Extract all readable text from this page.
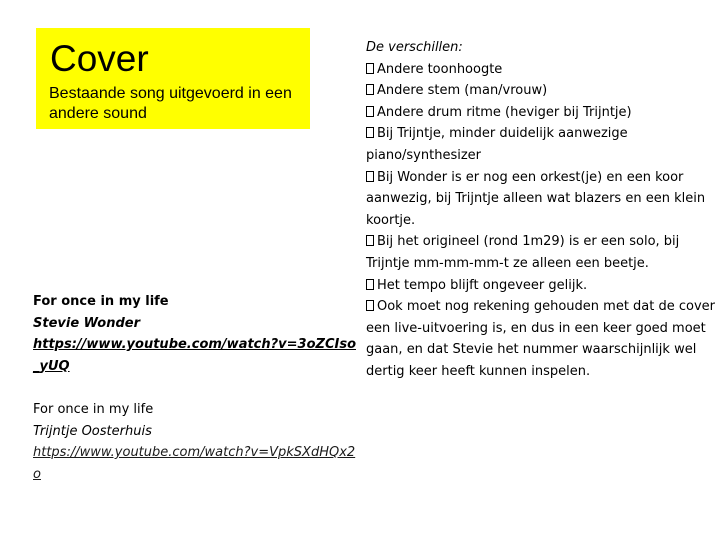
Cover

Bestaande song uitgevoerd in een andere sound

For once in my life
Stevie Wonder
https://www.youtube.com/watch?v=3oZCIso_yUQ
For once in my life
Trijntje Oosterhuis
https://www.youtube.com/watch?v=VpkSXdHQx2o
De verschillen:
Andere toonhoogte
Andere stem (man/vrouw)
Andere drum ritme (heviger bij Trijntje)
Bij Trijntje, minder duidelijk aanwezige piano/synthesizer
Bij Wonder is er nog een orkest(je) en een koor aanwezig, bij Trijntje alleen wat blazers en een klein koortje.
Bij het origineel (rond 1m29) is er een solo, bij Trijntje mm-mm-mm-t ze alleen een beetje.
Het tempo blijft ongeveer gelijk.
Ook moet nog rekening gehouden met dat de cover een live-uitvoering is, en dus in een keer goed moet gaan, en dat Stevie het nummer waarschijnlijk wel dertig keer heeft kunnen inspelen.
